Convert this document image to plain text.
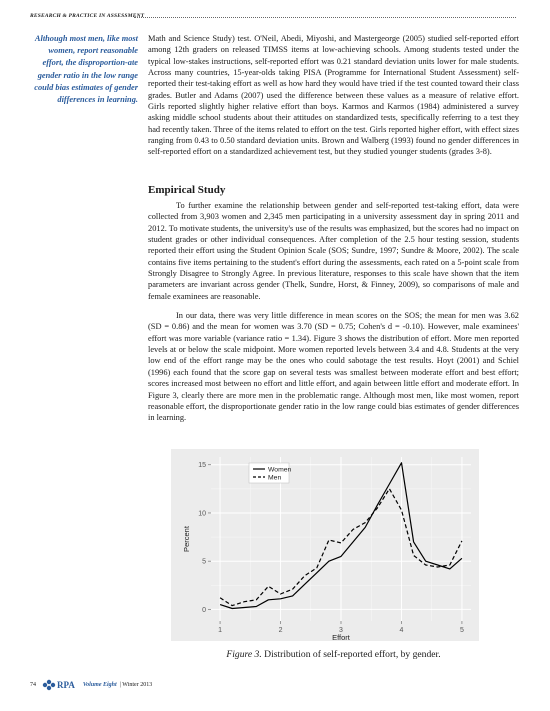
RESEARCH & PRACTICE IN ASSESSMENT
Although most men, like most women, report reasonable effort, the disproportion-ate gender ratio in the low range could bias estimates of gender differences in learning.

Math and Science Study) test. O'Neil, Abedi, Miyoshi, and Mastergeorge (2005) studied self-reported effort among 12th graders on released TIMSS items at low-achieving schools. Among students tested under the typical low-stakes instructions, self-reported effort was 0.21 standard deviation units lower for male students. Across many countries, 15-year-olds taking PISA (Programme for International Student Assessment) self-reported their test-taking effort as well as how hard they would have tried if the test counted toward their class grades. Butler and Adams (2007) used the difference between these values as a measure of relative effort. Girls reported slightly higher relative effort than boys. Karmos and Karmos (1984) administered a survey asking middle school students about their attitudes on standardized tests, specifically referring to a test they had recently taken. Three of the items related to effort on the test. Girls reported higher effort, with effect sizes ranging from 0.43 to 0.50 standard deviation units. Brown and Walberg (1993) found no gender differences in self-reported effort on a standardized achievement test, but they studied younger students (grades 3-8).

Empirical Study

To further examine the relationship between gender and self-reported test-taking effort, data were collected from 3,903 women and 2,345 men participating in a university assessment day in spring 2011 and 2012. To motivate students, the university's use of the results was emphasized, but the scores had no impact on student grades or other individual consequences. After completion of the 2.5 hour testing session, students reported their effort using the Student Opinion Scale (SOS; Sundre, 1997; Sundre & Moore, 2002). The scale contains five items pertaining to the student's effort during the assessments, each rated on a 5-point scale from Strongly Disagree to Strongly Agree. In previous literature, responses to this scale have shown that the item parameters are invariant across gender (Thelk, Sundre, Horst, & Finney, 2009), so comparisons of male and female examinees are reasonable.

In our data, there was very little difference in mean scores on the SOS; the mean for men was 3.62 (SD = 0.86) and the mean for women was 3.70 (SD = 0.75; Cohen's d = -0.10). However, male examinees' effort was more variable (variance ratio = 1.34). Figure 3 shows the distribution of effort. More men reported levels at or below the scale midpoint. More women reported levels between 3.4 and 4.8. Students at the very low end of the effort range may be the ones who could sabotage the test results. Hoyt (2001) and Schiel (1996) each found that the score gap on several tests was smallest between moderate effort and best effort; scores increased most between no effort and little effort, and again between little effort and moderate effort. In Figure 3, clearly there are more men in the problematic range. Although most men, like most women, report reasonable effort, the disproportionate gender ratio in the low range could bias estimates of gender differences in learning.

1	2	3	4	5
0
5
10
15
Effort
Percent
Women
Men
Figure 3. Distribution of self-reported effort, by gender.
74 RPA Volume Eight | Winter 2013
